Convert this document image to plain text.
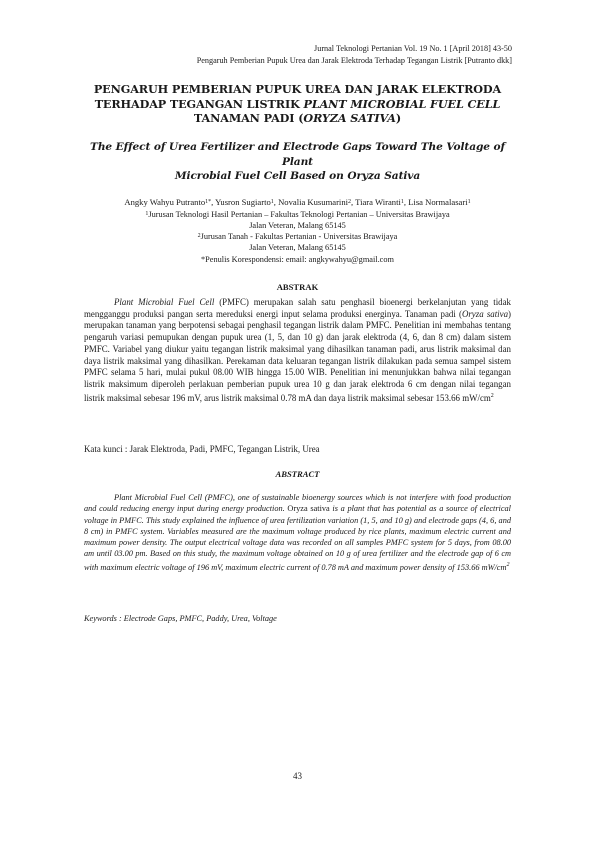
Jurnal Teknologi Pertanian Vol. 19 No. 1 [April 2018] 43-50
Pengaruh Pemberian Pupuk Urea dan Jarak Elektroda Terhadap Tegangan Listrik [Putranto dkk]
PENGARUH PEMBERIAN PUPUK UREA DAN JARAK ELEKTRODA
TERHADAP TEGANGAN LISTRIK PLANT MICROBIAL FUEL CELL
TANAMAN PADI (ORYZA SATIVA)
The Effect of Urea Fertilizer and Electrode Gaps Toward The Voltage of Plant
Microbial Fuel Cell Based on Oryza Sativa
Angky Wahyu Putranto$^{1*}$, Yusron Sugiarto$^1$, Novalia Kusumarini$^2$, Tiara Wiranti$^1$, Lisa Normalasari$^1$
$^1$Jurusan Teknologi Hasil Pertanian – Fakultas Teknologi Pertanian – Universitas Brawijaya
Jalan Veteran, Malang 65145
$^2$Jurusan Tanah - Fakultas Pertanian - Universitas Brawijaya
Jalan Veteran, Malang 65145
*Penulis Korespondensi: email: angkywahyu@gmail.com
ABSTRAK
Plant Microbial Fuel Cell (PMFC) merupakan salah satu penghasil bioenergi berkelanjutan yang tidak mengganggu produksi pangan serta mereduksi energi input selama produksi energinya. Tanaman padi (Oryza sativa) merupakan tanaman yang berpotensi sebagai penghasil tegangan listrik dalam PMFC. Penelitian ini membahas tentang pengaruh variasi pemupukan dengan pupuk urea (1, 5, dan 10 g) dan jarak elektroda (4, 6, dan 8 cm) dalam sistem PMFC. Variabel yang diukur yaitu tegangan listrik maksimal yang dihasilkan tanaman padi, arus listrik maksimal dan daya listrik maksimal yang dihasilkan. Perekaman data keluaran tegangan listrik dilakukan pada semua sampel sistem PMFC selama 5 hari, mulai pukul 08.00 WIB hingga 15.00 WIB. Penelitian ini menunjukkan bahwa nilai tegangan listrik maksimum diperoleh perlakuan pemberian pupuk urea 10 g dan jarak elektroda 6 cm dengan nilai tegangan listrik maksimal sebesar 196 mV, arus listrik maksimal 0.78 mA dan daya listrik maksimal sebesar 153.66 $mW/cm^2$
Kata kunci : Jarak Elektroda, Padi, PMFC, Tegangan Listrik, Urea
ABSTRACT
Plant Microbial Fuel Cell (PMFC), one of sustainable bioenergy sources which is not interfere with food production and could reducing energy input during energy production. Oryza sativa is a plant that has potential as a source of electrical voltage in PMFC. This study explained the influence of urea fertilization variation (1, 5, and 10 g) and electrode gaps (4, 6, and 8 cm) in PMFC system. Variables measured are the maximum voltage produced by rice plants, maximum electric current and maximum power density. The output electrical voltage data was recorded on all samples PMFC system for 5 days, from 08.00 am until 03.00 pm. Based on this study, the maximum voltage obtained on 10 g of urea fertilizer and the electrode gap of 6 cm with maximum electric voltage of 196 mV, maximum electric current of 0.78 mA and maximum power density of 153.66 $mW/cm^2$
Keywords : Electrode Gaps, PMFC, Paddy, Urea, Voltage
43
